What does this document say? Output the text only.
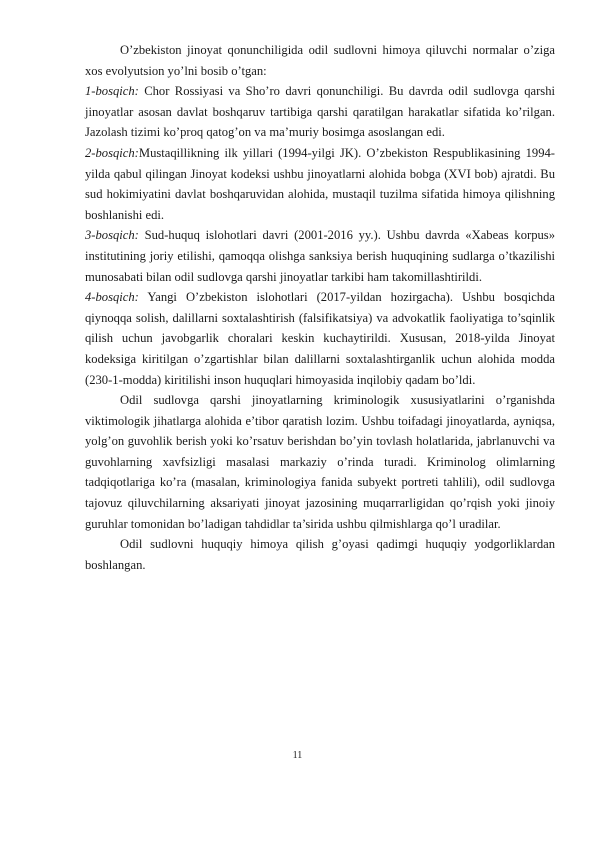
O’zbekiston jinoyat qonunchiligida odil sudlovni himoya qiluvchi normalar o’ziga xos evolyutsion yo’lni bosib o’tgan:

1-bosqich: Chor Rossiyasi va Sho’ro davri qonunchiligi. Bu davrda odil sudlovga qarshi jinoyatlar asosan davlat boshqaruv tartibiga qarshi qaratilgan harakatlar sifatida ko’rilgan. Jazolash tizimi ko’proq qatog’on va ma’muriy bosimga asoslangan edi.

2-bosqich:Mustaqillikning ilk yillari (1994-yilgi JK). O’zbekiston Respublikasining 1994-yilda qabul qilingan Jinoyat kodeksi ushbu jinoyatlarni alohida bobga (XVI bob) ajratdi. Bu sud hokimiyatini davlat boshqaruvidan alohida, mustaqil tuzilma sifatida himoya qilishning boshlanishi edi.

3-bosqich: Sud-huquq islohotlari davri (2001-2016 yy.). Ushbu davrda «Xabeas korpus» institutining joriy etilishi, qamoqqa olishga sanksiya berish huquqining sudlarga o’tkazilishi munosabati bilan odil sudlovga qarshi jinoyatlar tarkibi ham takomillashtirildi.

4-bosqich: Yangi O’zbekiston islohotlari (2017-yildan hozirgacha). Ushbu bosqichda qiynoqqa solish, dalillarni soxtalashtirish (falsifikatsiya) va advokatlik faoliyatiga to’sqinlik qilish uchun javobgarlik choralari keskin kuchaytirildi. Xususan, 2018-yilda Jinoyat kodeksiga kiritilgan o’zgartishlar bilan dalillarni soxtalashtirganlik uchun alohida modda (230-1-modda) kiritilishi inson huquqlari himoyasida inqilobiy qadam bo’ldi.

Odil sudlovga qarshi jinoyatlarning kriminologik xususiyatlarini o’rganishda viktimologik jihatlarga alohida e’tibor qaratish lozim. Ushbu toifadagi jinoyatlarda, ayniqsa, yolg’on guvohlik berish yoki ko’rsatuv berishdan bo’yin tovlash holatlarida, jabrlanuvchi va guvohlarning xavfsizligi masalasi markaziy o’rinda turadi. Kriminolog olimlarning tadqiqotlariga ko’ra (masalan, kriminologiya fanida subyekt portreti tahlili), odil sudlovga tajovuz qiluvchilarning aksariyati jinoyat jazosining muqarrarligidan qo’rqish yoki jinoiy guruhlar tomonidan bo’ladigan tahdidlar ta’sirida ushbu qilmishlarga qo’l uradilar.

Odil sudlovni huquqiy himoya qilish g’oyasi qadimgi huquqiy yodgorliklardan boshlangan.

11
